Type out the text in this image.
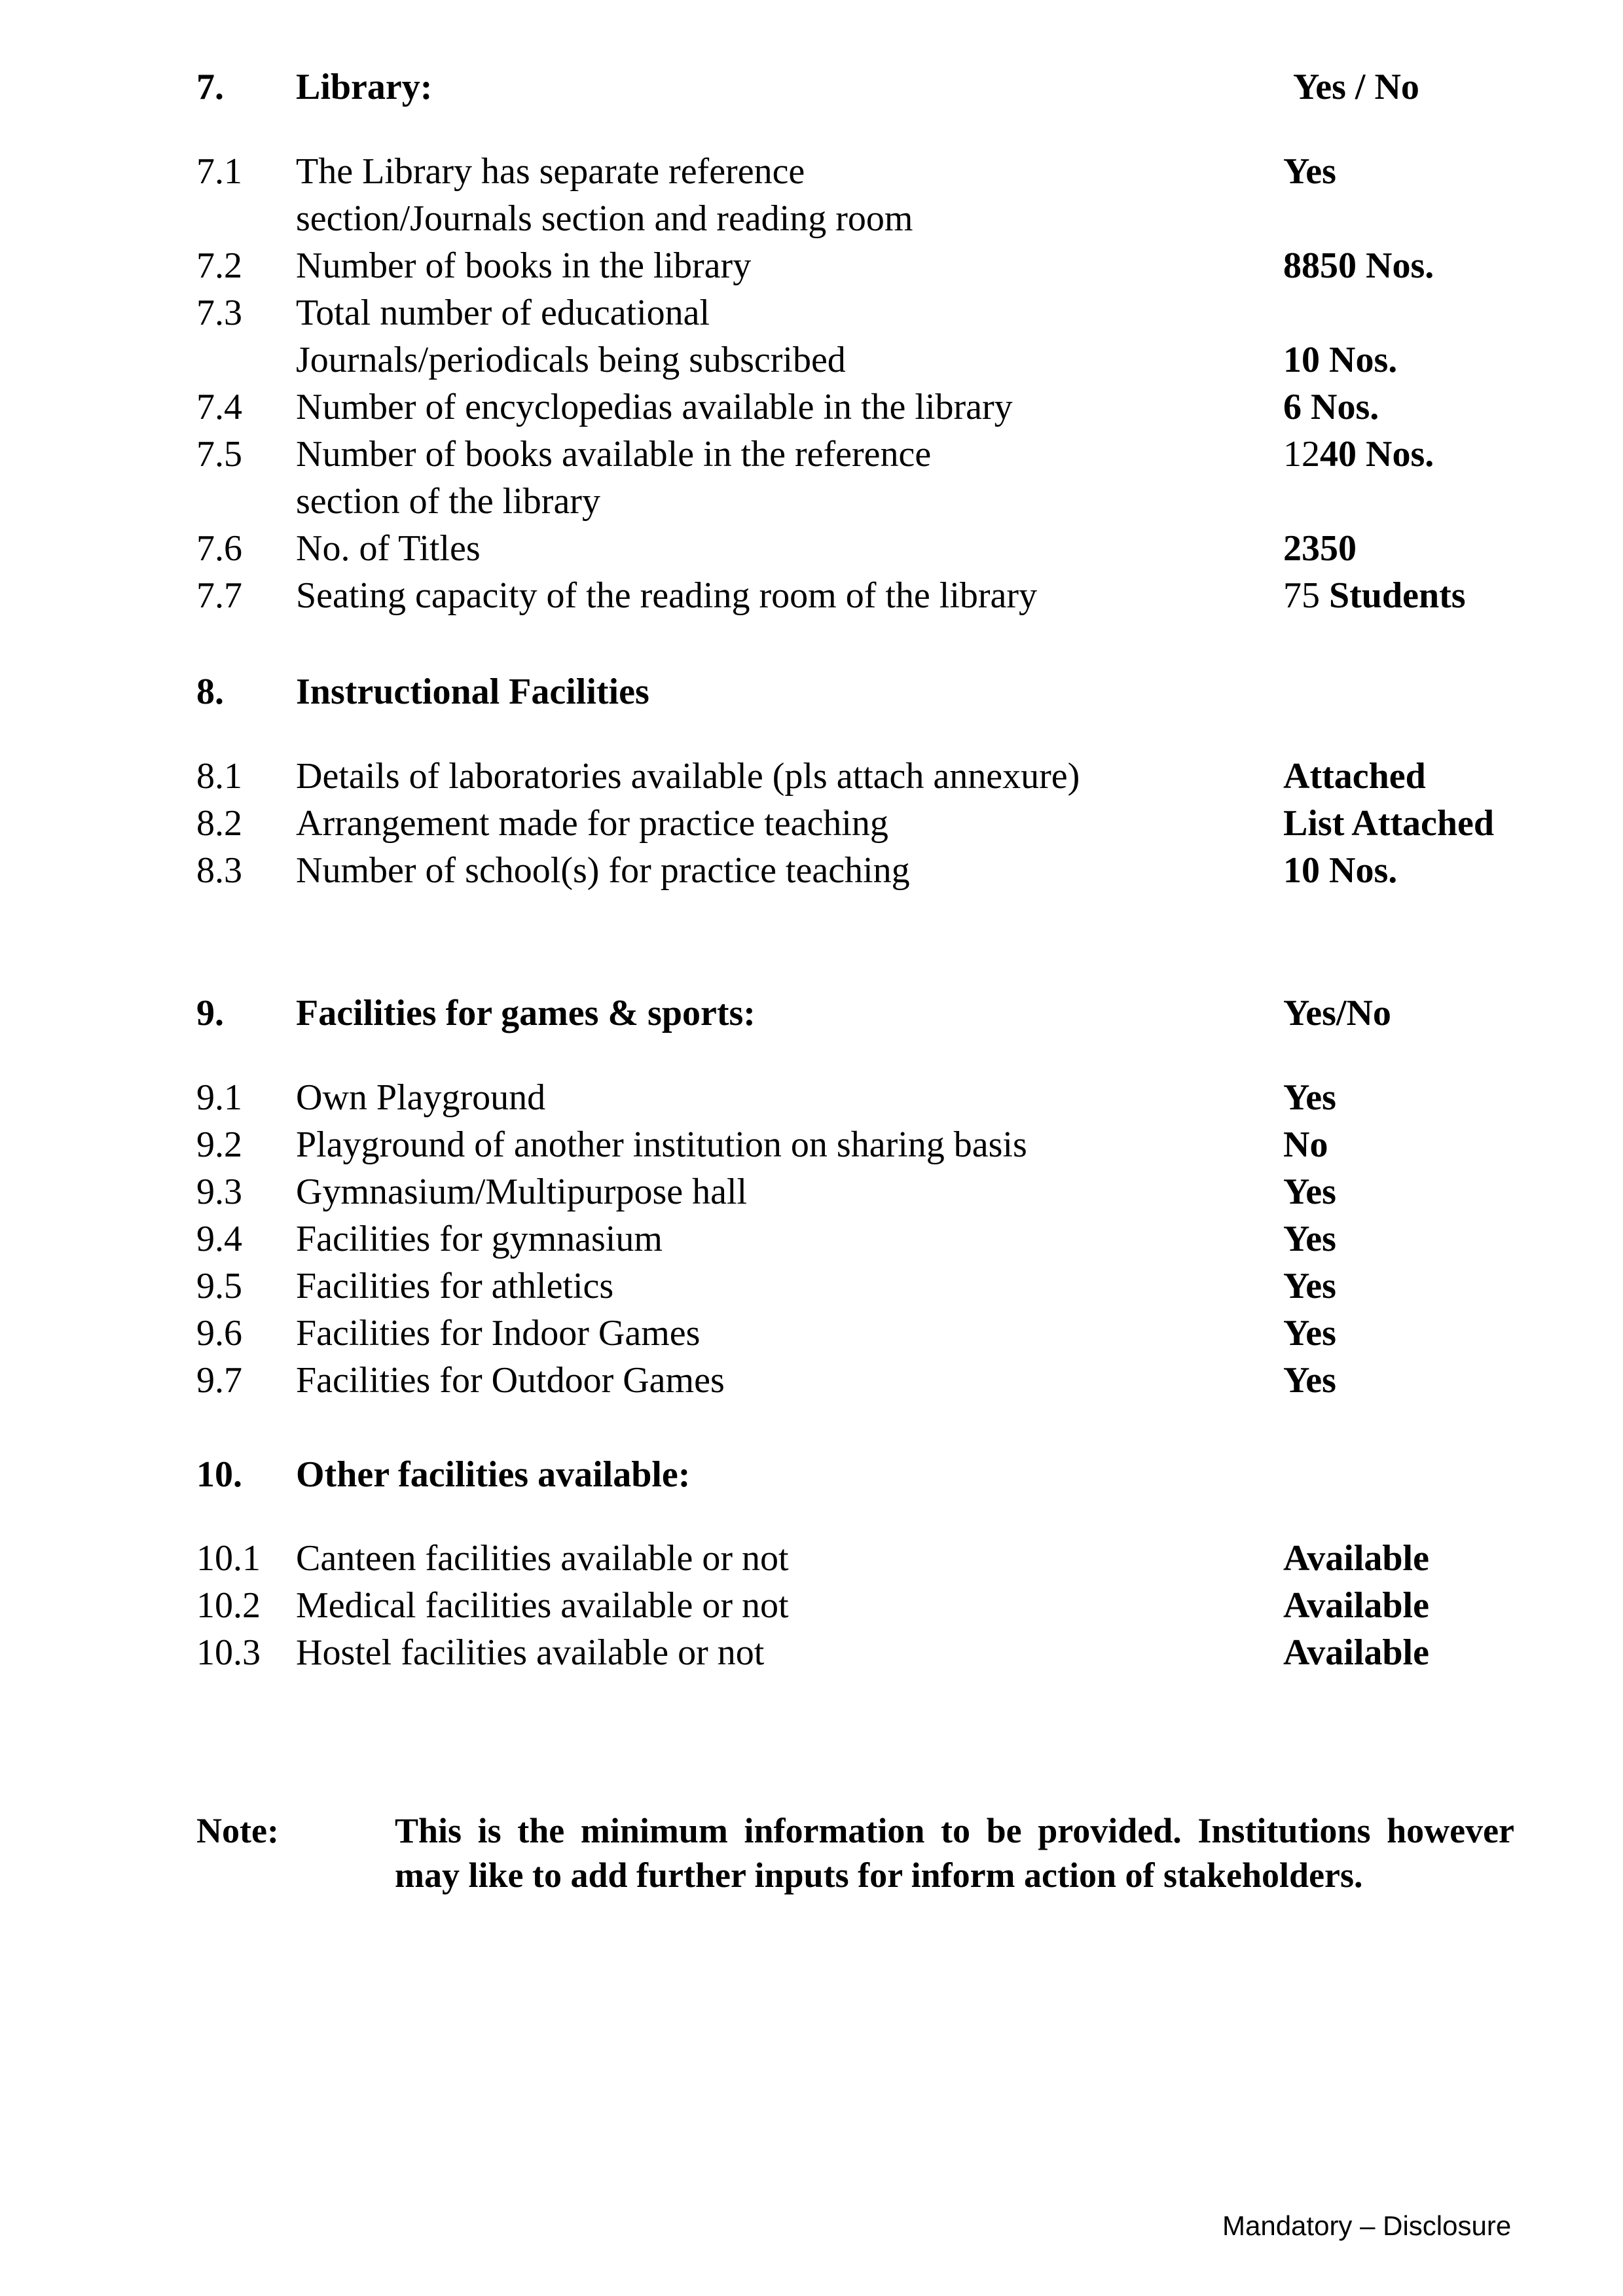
7. Library:	Yes / No
7.1 The Library has separate reference	Yes
section/Journals section and reading room
7.2 Number of books in the library	8850 Nos.
7.3 Total number of educational
Journals/periodicals being subscribed	10 Nos.
7.4 Number of encyclopedias available in the library	6 Nos.
7.5 Number of books available in the reference	1240 Nos.
section of the library
7.6 No. of Titles	2350
7.7 Seating capacity of the reading room of the library	75 Students
8. Instructional Facilities
8.1 Details of laboratories available (pls attach annexure)	Attached
8.2 Arrangement made for practice teaching	List Attached
8.3 Number of school(s) for practice teaching	10 Nos.
9. Facilities for games & sports:	Yes/No
9.1 Own Playground	Yes
9.2 Playground of another institution on sharing basis	No
9.3 Gymnasium/Multipurpose hall	Yes
9.4 Facilities for gymnasium	Yes
9.5 Facilities for athletics	Yes
9.6 Facilities for Indoor Games	Yes
9.7 Facilities for Outdoor Games	Yes
10. Other facilities available:
10.1 Canteen facilities available or not	Available
10.2 Medical facilities available or not	Available
10.3 Hostel facilities available or not	Available
Note:	This is the minimum information to be provided. Institutions however may like to add further inputs for inform action of stakeholders.
Mandatory – Disclosure
